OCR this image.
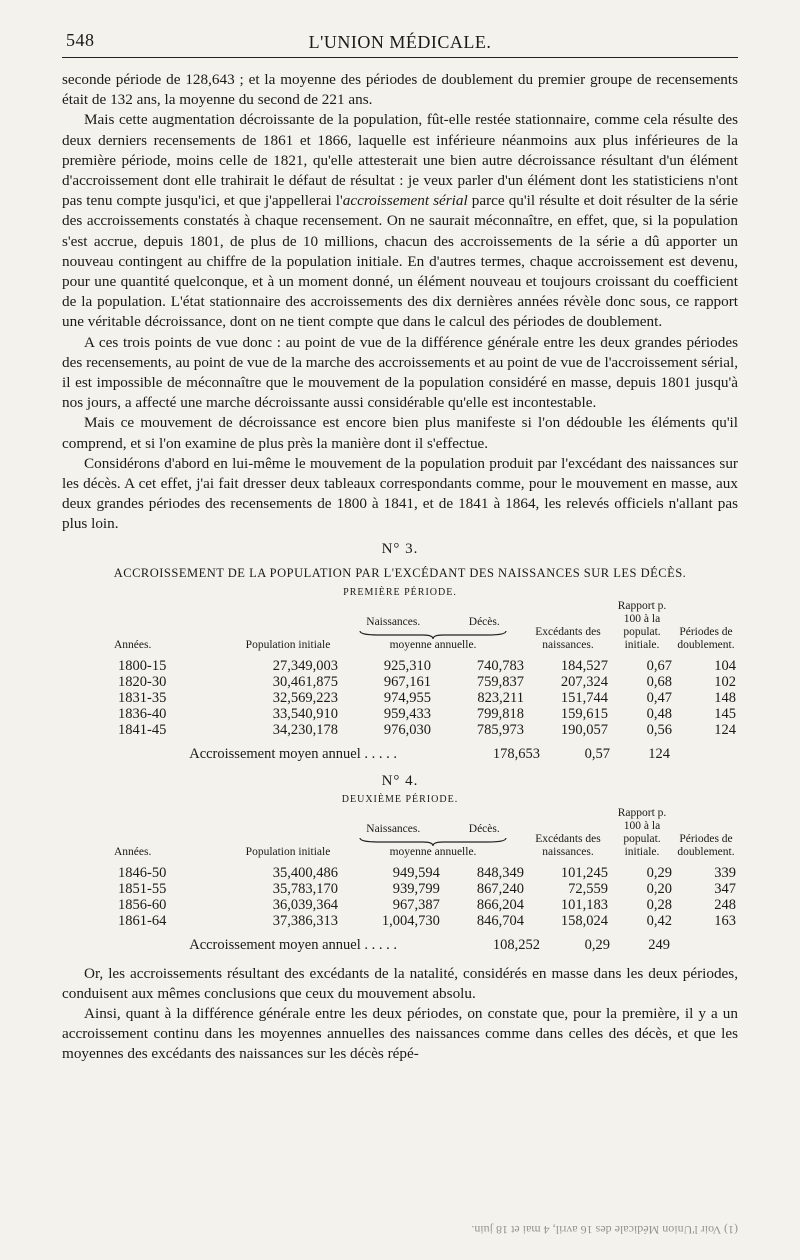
548	L'UNION MÉDICALE.

seconde période de 128,643 ; et la moyenne des périodes de doublement du premier groupe de recensements était de 132 ans, la moyenne du second de 221 ans.

Mais cette augmentation décroissante de la population, fût-elle restée stationnaire, comme cela résulte des deux derniers recensements de 1861 et 1866, laquelle est inférieure néanmoins aux plus inférieures de la première période, moins celle de 1821, qu'elle attesterait une bien autre décroissance résultant d'un élément d'accroissement dont elle trahirait le défaut de résultat : je veux parler d'un élément dont les statisticiens n'ont pas tenu compte jusqu'ici, et que j'appellerai l'accroissement sérial parce qu'il résulte et doit résulter de la série des accroissements constatés à chaque recensement. On ne saurait méconnaître, en effet, que, si la population s'est accrue, depuis 1801, de plus de 10 millions, chacun des accroissements de la série a dû apporter un nouveau contingent au chiffre de la population initiale. En d'autres termes, chaque accroissement est devenu, pour une quantité quelconque, et à un moment donné, un élément nouveau et toujours croissant du coefficient de la population. L'état stationnaire des accroissements des dix dernières années révèle donc sous, ce rapport une véritable décroissance, dont on ne tient compte que dans le calcul des périodes de doublement.

A ces trois points de vue donc : au point de vue de la différence générale entre les deux grandes périodes des recensements, au point de vue de la marche des accroissements et au point de vue de l'accroissement sérial, il est impossible de méconnaître que le mouvement de la population considéré en masse, depuis 1801 jusqu'à nos jours, a affecté une marche décroissante aussi considérable qu'elle est incontestable.

Mais ce mouvement de décroissance est encore bien plus manifeste si l'on dédouble les éléments qu'il comprend, et si l'on examine de plus près la manière dont il s'effectue.

Considérons d'abord en lui-même le mouvement de la population produit par l'excédant des naissances sur les décès. A cet effet, j'ai fait dresser deux tableaux correspondants comme, pour le mouvement en masse, aux deux grandes périodes des recensements de 1800 à 1841, et de 1841 à 1864, les relevés officiels n'allant pas plus loin.

N° 3.
ACCROISSEMENT DE LA POPULATION PAR L'EXCÉDANT DES NAISSANCES SUR LES DÉCÈS.
PREMIÈRE PÉRIODE.
Années.	Population initiale	Naissances. Décès.
moyenne annuelle.		Excédants des naissances.	Rapport p. 100 à la populat. initiale.	Périodes de doublement.
1800-15	27,349,003	925,310	740,783	184,527	0,67	104
1820-30	30,461,875	967,161	759,837	207,324	0,68	102
1831-35	32,569,223	974,955	823,211	151,744	0,47	148
1836-40	33,540,910	959,433	799,818	159,615	0,48	145
1841-45	34,230,178	976,030	785,973	190,057	0,56	124
Accroissement moyen annuel . . . . .	178,653	0,57	124
N° 4.
DEUXIÈME PÉRIODE.
Années.	Population initiale	Naissances. Décès.
moyenne annuelle.		Excédants des naissances.	Rapport p. 100 à la populat. initiale.	Périodes de doublement.
1846-50	35,400,486	949,594	848,349	101,245	0,29	339
1851-55	35,783,170	939,799	867,240	72,559	0,20	347
1856-60	36,039,364	967,387	866,204	101,183	0,28	248
1861-64	37,386,313	1,004,730	846,704	158,024	0,42	163
Accroissement moyen annuel . . . . .	108,252	0,29	249

Or, les accroissements résultant des excédants de la natalité, considérés en masse dans les deux périodes, conduisent aux mêmes conclusions que ceux du mouvement absolu.

Ainsi, quant à la différence générale entre les deux périodes, on constate que, pour la première, il y a un accroissement continu dans les moyennes annuelles des naissances comme dans celles des décès, et que les moyennes des excédants des naissances sur les décès répé-

(1) Voir l'Union Médicale des 16 avril, 4 mai et 18 juin.
